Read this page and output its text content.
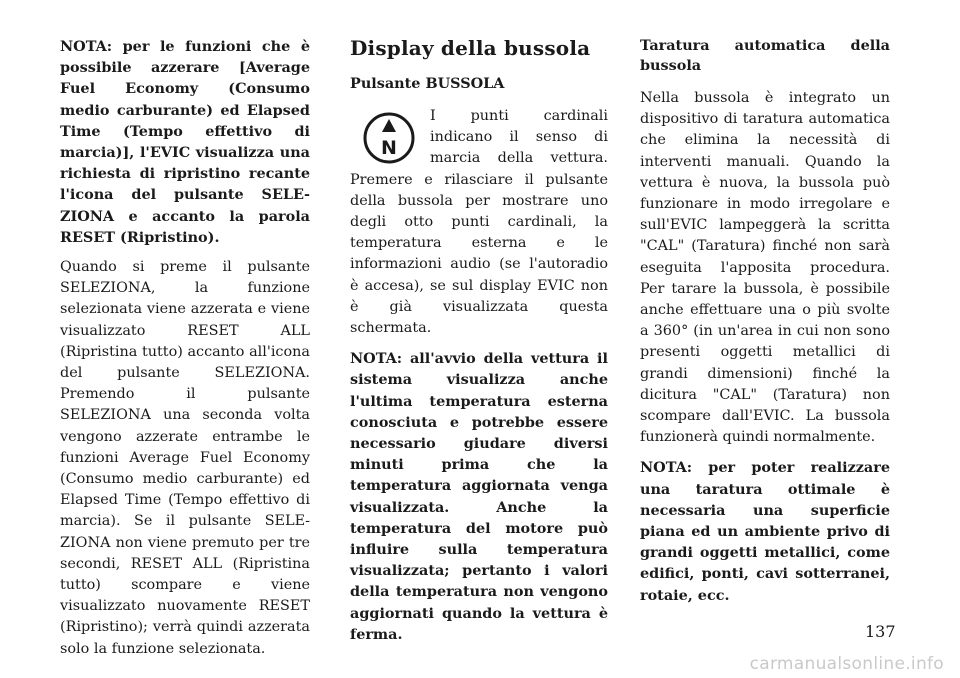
NOTA: per le funzioni che è possibile azzerare [Average Fuel Economy (Consumo medio carburante) ed Elapsed Time (Tempo effettivo di marcia)], l'EVIC visualizza una richiesta di ripristino recante l'icona del pulsante SELEZIONA e accanto la parola RESET (Ripristino).

Quando si preme il pulsante SELEZIONA, la funzione selezionata viene azzerata e viene visualizzato RESET ALL (Ripristina tutto) accanto all'icona del pulsante SELEZIONA. Premendo il pulsante SELEZIONA una seconda volta vengono azzerate entrambe le funzioni Average Fuel Economy (Consumo medio carburante) ed Elapsed Time (Tempo effettivo di marcia). Se il pulsante SELEZIONA non viene premuto per tre secondi, RESET ALL (Ripristina tutto) scompare e viene visualizzato nuovamente RESET (Ripristino); verrà quindi azzerata solo la funzione selezionata.

Display della bussola
Pulsante BUSSOLA
N

I punti cardinali indicano il senso di marcia della vettura. Premere e rilasciare il pulsante della bussola per mostrare uno degli otto punti cardinali, la temperatura esterna e le informazioni audio (se l'autoradio è accesa), se sul display EVIC non è già visualizzata questa schermata.

NOTA: all'avvio della vettura il sistema visualizza anche l'ultima temperatura esterna conosciuta e potrebbe essere necessario giudare diversi minuti prima che la temperatura aggiornata venga visualizzata. Anche la temperatura del motore può influire sulla temperatura visualizzata; pertanto i valori della temperatura non vengono aggiornati quando la vettura è ferma.

Taratura automatica della bussola

Nella bussola è integrato un dispositivo di taratura automatica che elimina la necessità di interventi manuali. Quando la vettura è nuova, la bussola può funzionare in modo irregolare e sull'EVIC lampeggerà la scritta "CAL" (Taratura) finché non sarà eseguita l'apposita procedura. Per tarare la bussola, è possibile anche effettuare una o più svolte a 360° (in un'area in cui non sono presenti oggetti metallici di grandi dimensioni) finché la dicitura "CAL" (Taratura) non scompare dall'EVIC. La bussola funzionerà quindi normalmente.

NOTA: per poter realizzare una taratura ottimale è necessaria una superficie piana ed un ambiente privo di grandi oggetti metallici, come edifici, ponti, cavi sotterranei, rotaie, ecc.

137
carmanualsonline.info
